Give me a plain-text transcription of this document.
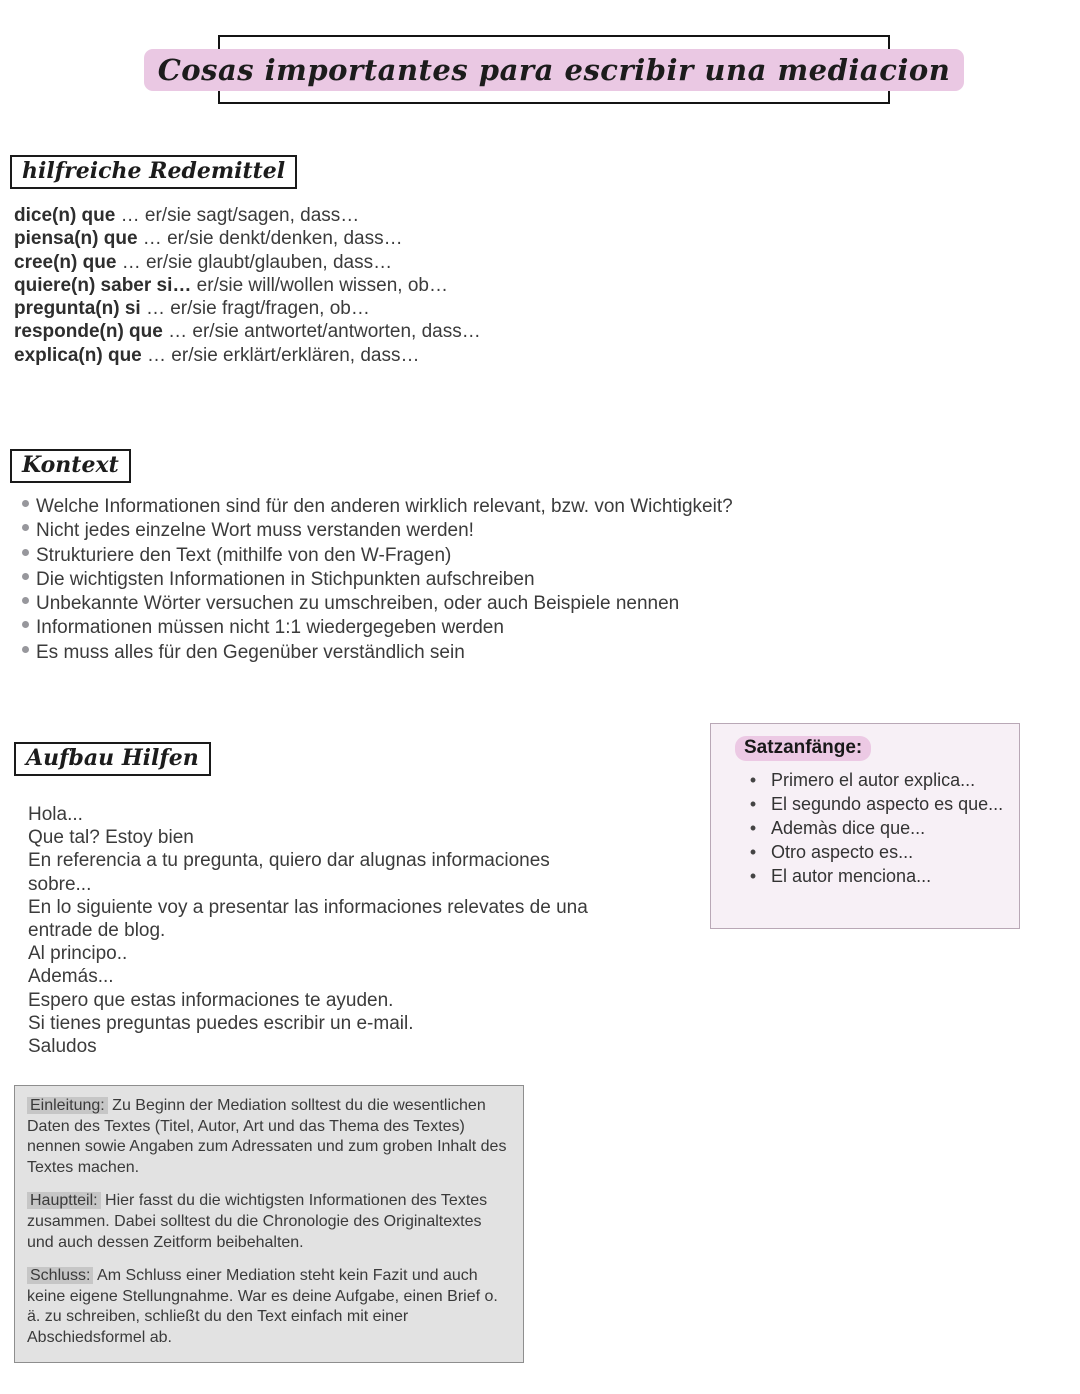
Cosas importantes para escribir una mediacion
hilfreiche Redemittel
dice(n) que … er/sie sagt/sagen, dass…
piensa(n) que … er/sie denkt/denken, dass…
cree(n) que … er/sie glaubt/glauben, dass…
quiere(n) saber si… er/sie will/wollen wissen, ob…
pregunta(n) si … er/sie fragt/fragen, ob…
responde(n) que … er/sie antwortet/antworten, dass…
explica(n) que … er/sie erklärt/erklären, dass…
Kontext
Welche Informationen sind für den anderen wirklich relevant, bzw. von Wichtigkeit?
Nicht jedes einzelne Wort muss verstanden werden!
Strukturiere den Text (mithilfe von den W-Fragen)
Die wichtigsten Informationen in Stichpunkten aufschreiben
Unbekannte Wörter versuchen zu umschreiben, oder auch Beispiele nennen
Informationen müssen nicht 1:1 wiedergegeben werden
Es muss alles für den Gegenüber verständlich sein
Aufbau Hilfen
Hola...
Que tal? Estoy bien
En referencia a tu pregunta, quiero dar alugnas informaciones sobre...
En lo siguiente voy a presentar las informaciones relevates de una entrade de blog.
Al principo..
Además...
Espero que estas informaciones te ayuden.
Si tienes preguntas puedes escribir un e-mail.
Saludos
Satzanfänge:
• Primero el autor explica...
• El segundo aspecto es que...
• Ademàs dice que...
• Otro aspecto es...
• El autor menciona...

Einleitung: Zu Beginn der Mediation solltest du die wesentlichen Daten des Textes (Titel, Autor, Art und das Thema des Textes) nennen sowie Angaben zum Adressaten und zum groben Inhalt des Textes machen.

Hauptteil: Hier fasst du die wichtigsten Informationen des Textes zusammen. Dabei solltest du die Chronologie des Originaltextes und auch dessen Zeitform beibehalten.

Schluss: Am Schluss einer Mediation steht kein Fazit und auch keine eigene Stellungnahme. War es deine Aufgabe, einen Brief o. ä. zu schreiben, schließt du den Text einfach mit einer Abschiedsformel ab.
